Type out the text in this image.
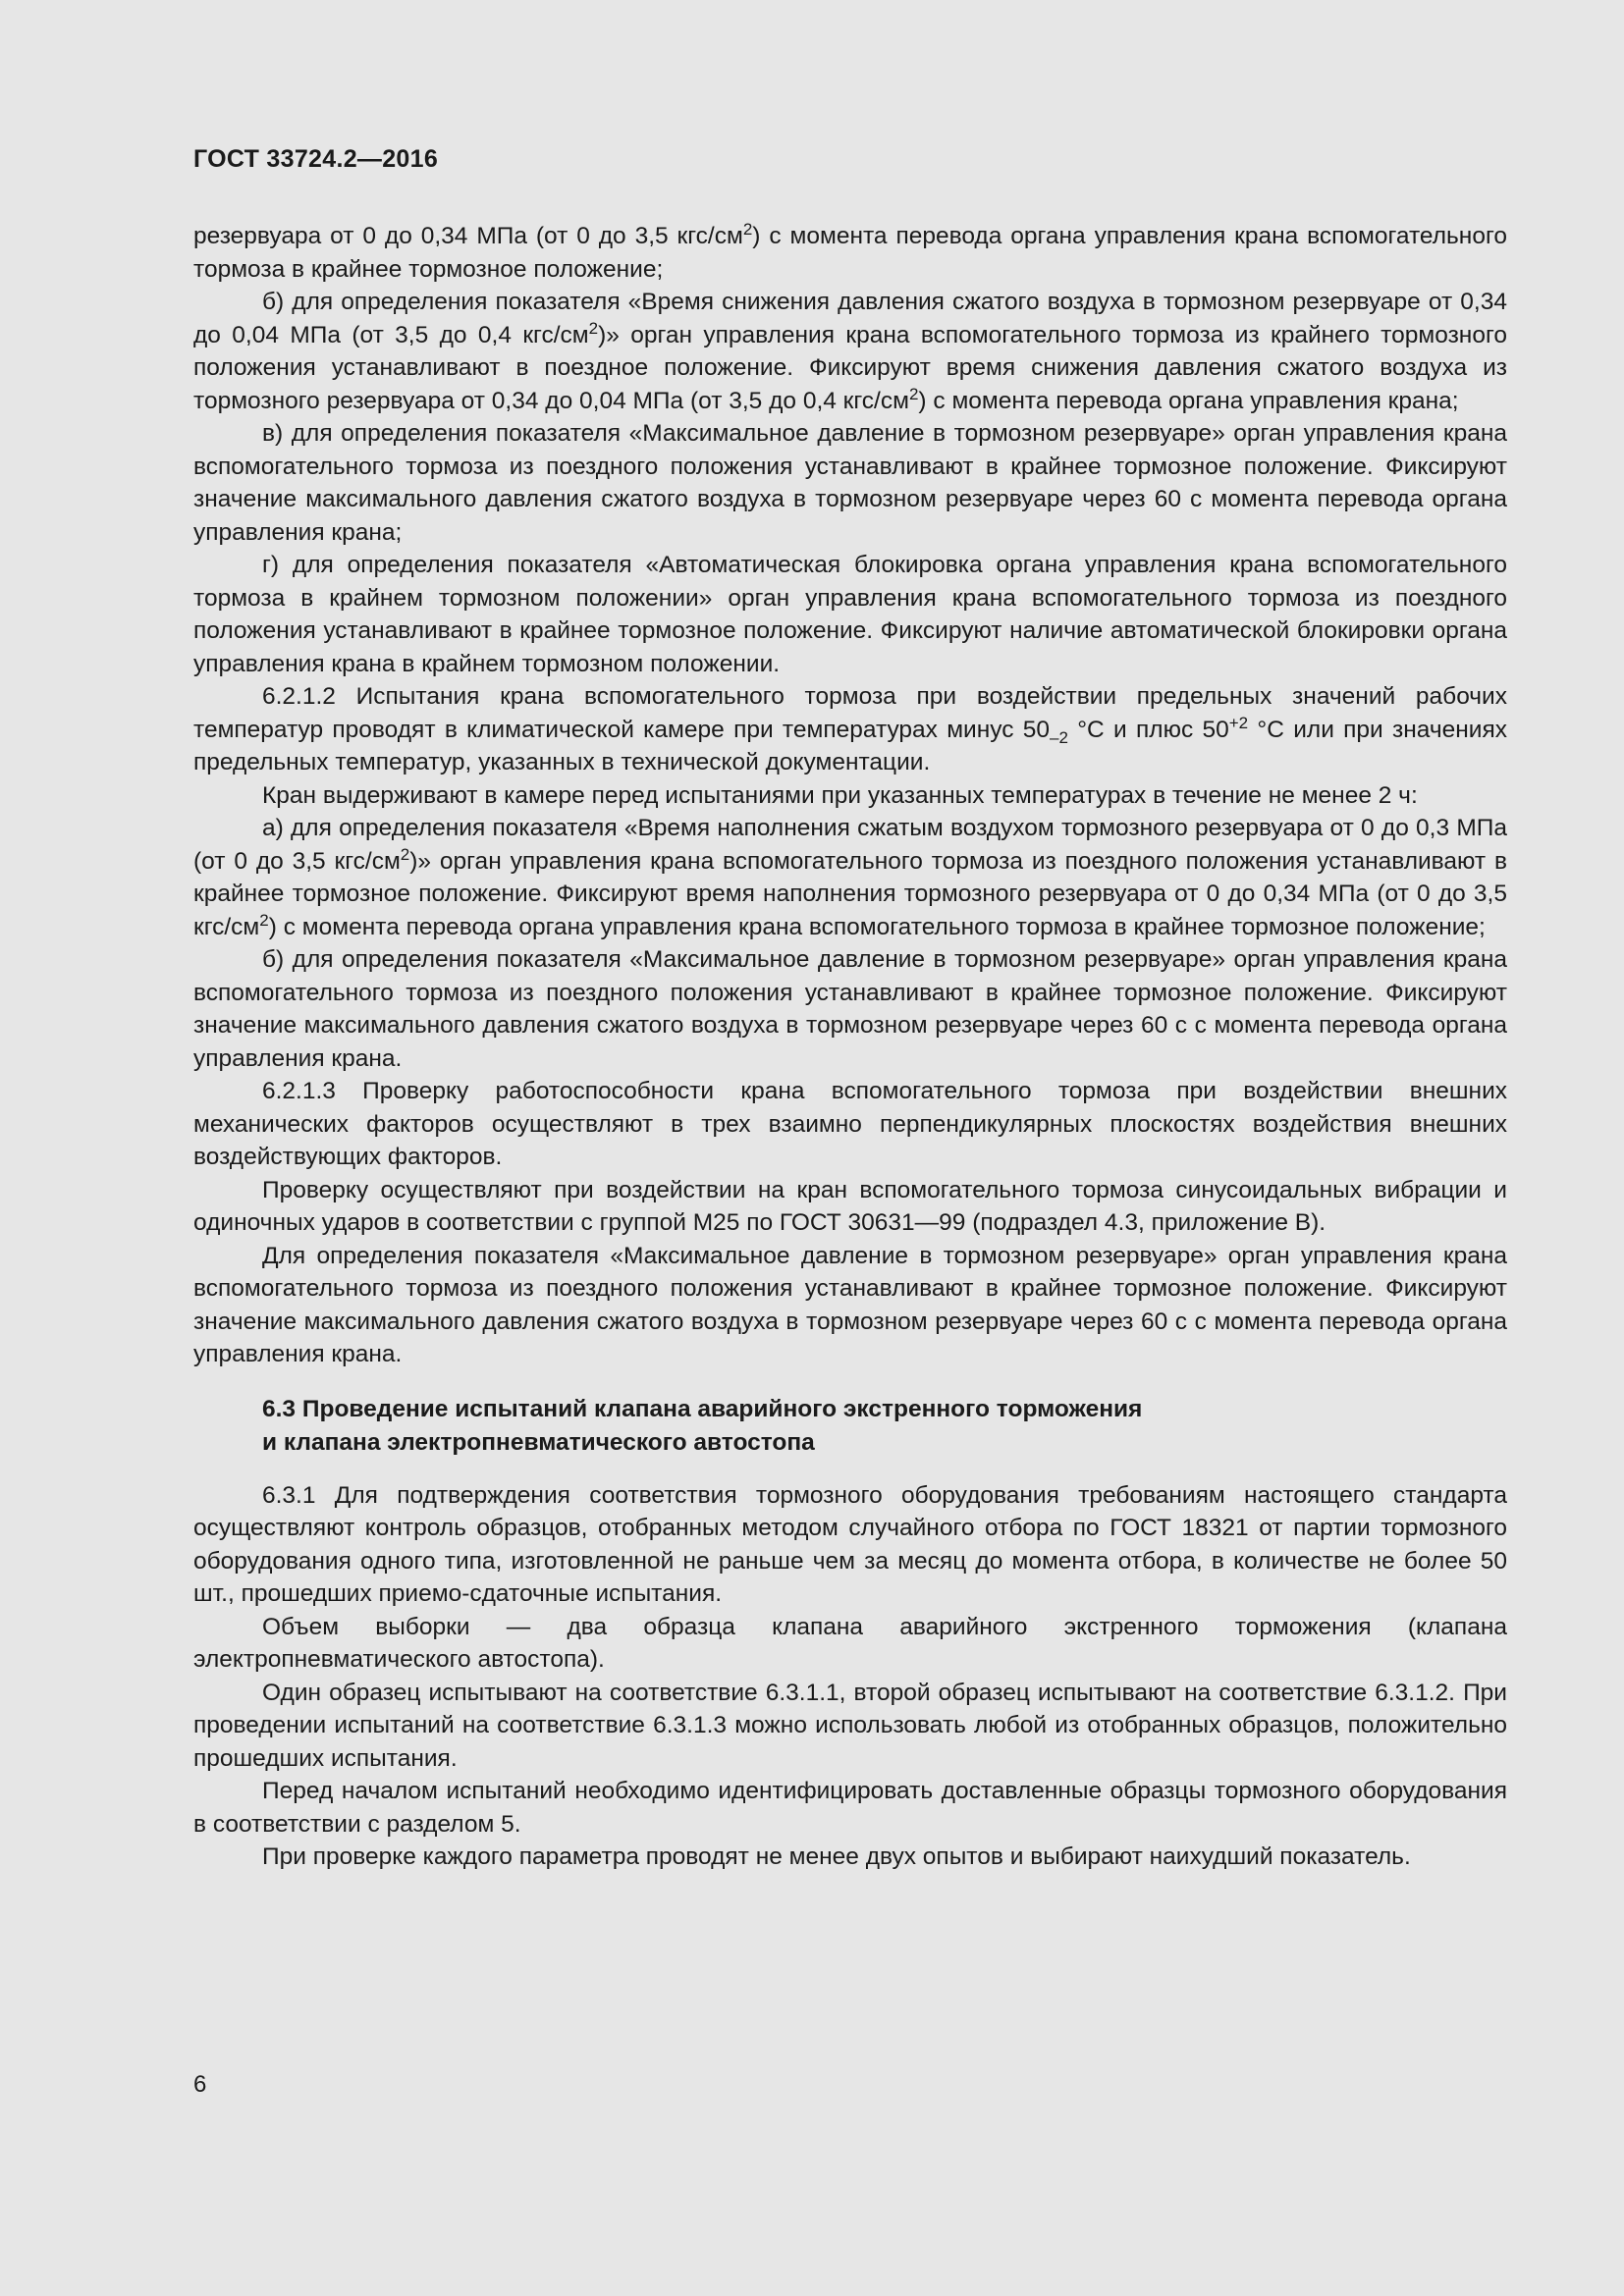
ГОСТ 33724.2—2016

резервуара от 0 до 0,34 МПа (от 0 до 3,5 кгс/$см^2$) с момента перевода органа управления крана вспомогательного тормоза в крайнее тормозное положение;

б) для определения показателя «Время снижения давления сжатого воздуха в тормозном резервуаре от 0,34 до 0,04 МПа (от 3,5 до 0,4 кгс/$см^2$)» орган управления крана вспомогательного тормоза из крайнего тормозного положения устанавливают в поездное положение. Фиксируют время снижения давления сжатого воздуха из тормозного резервуара от 0,34 до 0,04 МПа (от 3,5 до 0,4 кгс/$см^2$) с момента перевода органа управления крана;

в) для определения показателя «Максимальное давление в тормозном резервуаре» орган управления крана вспомогательного тормоза из поездного положения устанавливают в крайнее тормозное положение. Фиксируют значение максимального давления сжатого воздуха в тормозном резервуаре через 60 с момента перевода органа управления крана;

г) для определения показателя «Автоматическая блокировка органа управления крана вспомогательного тормоза в крайнем тормозном положении» орган управления крана вспомогательного тормоза из поездного положения устанавливают в крайнее тормозное положение. Фиксируют наличие автоматической блокировки органа управления крана в крайнем тормозном положении.

6.2.1.2 Испытания крана вспомогательного тормоза при воздействии предельных значений рабочих температур проводят в климатической камере при температурах минус $50_{-2}$ °С и плюс $50^{+2}$ °С или при значениях предельных температур, указанных в технической документации.

Кран выдерживают в камере перед испытаниями при указанных температурах в течение не менее 2 ч:

а) для определения показателя «Время наполнения сжатым воздухом тормозного резервуара от 0 до 0,3 МПа (от 0 до 3,5 кгс/$см^2$)» орган управления крана вспомогательного тормоза из поездного положения устанавливают в крайнее тормозное положение. Фиксируют время наполнения тормозного резервуара от 0 до 0,34 МПа (от 0 до 3,5 кгс/$см^2$) с момента перевода органа управления крана вспомогательного тормоза в крайнее тормозное положение;

б) для определения показателя «Максимальное давление в тормозном резервуаре» орган управления крана вспомогательного тормоза из поездного положения устанавливают в крайнее тормозное положение. Фиксируют значение максимального давления сжатого воздуха в тормозном резервуаре через 60 с с момента перевода органа управления крана.

6.2.1.3 Проверку работоспособности крана вспомогательного тормоза при воздействии внешних механических факторов осуществляют в трех взаимно перпендикулярных плоскостях воздействия внешних воздействующих факторов.

Проверку осуществляют при воздействии на кран вспомогательного тормоза синусоидальных вибрации и одиночных ударов в соответствии с группой М25 по ГОСТ 30631—99 (подраздел 4.3, приложение В).

Для определения показателя «Максимальное давление в тормозном резервуаре» орган управления крана вспомогательного тормоза из поездного положения устанавливают в крайнее тормозное положение. Фиксируют значение максимального давления сжатого воздуха в тормозном резервуаре через 60 с с момента перевода органа управления крана.

6.3 Проведение испытаний клапана аварийного экстренного торможения
и клапана электропневматического автостопа

6.3.1 Для подтверждения соответствия тормозного оборудования требованиям настоящего стандарта осуществляют контроль образцов, отобранных методом случайного отбора по ГОСТ 18321 от партии тормозного оборудования одного типа, изготовленной не раньше чем за месяц до момента отбора, в количестве не более 50 шт., прошедших приемо-сдаточные испытания.

Объем выборки — два образца клапана аварийного экстренного торможения (клапана электропневматического автостопа).

Один образец испытывают на соответствие 6.3.1.1, второй образец испытывают на соответствие 6.3.1.2. При проведении испытаний на соответствие 6.3.1.3 можно использовать любой из отобранных образцов, положительно прошедших испытания.

Перед началом испытаний необходимо идентифицировать доставленные образцы тормозного оборудования в соответствии с разделом 5.

При проверке каждого параметра проводят не менее двух опытов и выбирают наихудший показатель.

6
